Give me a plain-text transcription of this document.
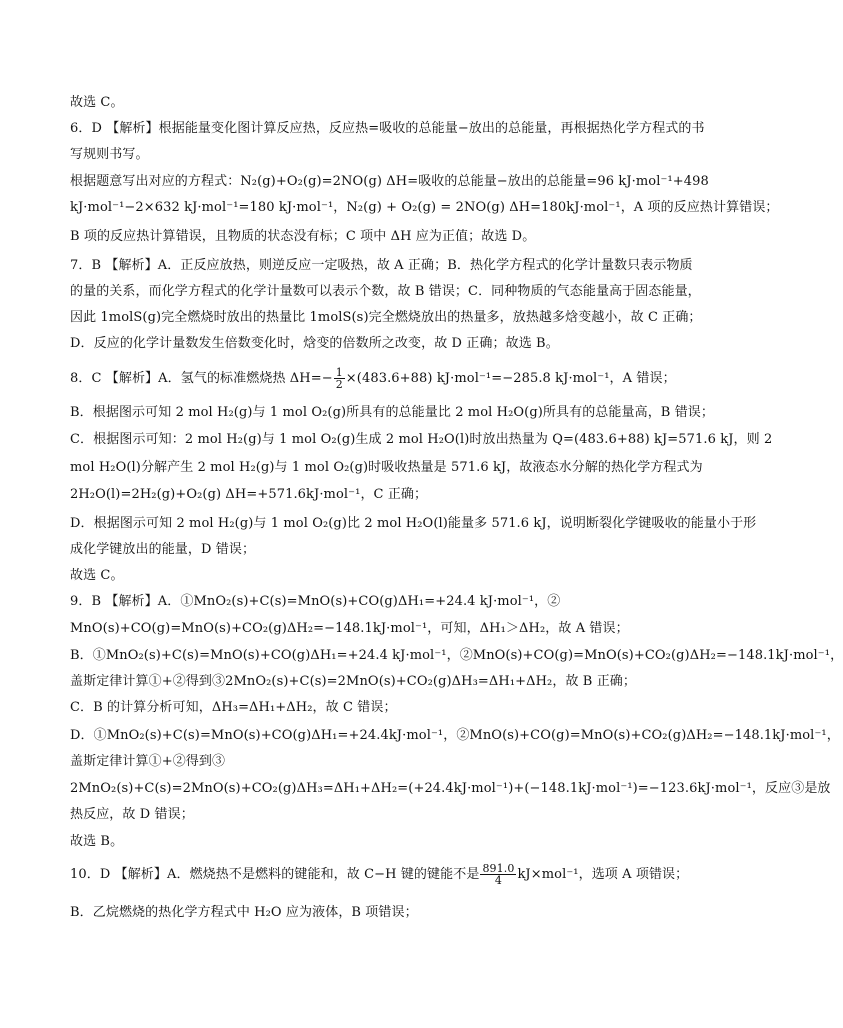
故选 C。
6．D 【解析】根据能量变化图计算反应热，反应热=吸收的总能量−放出的总能量，再根据热化学方程式的书
写规则书写。
根据题意写出对应的方程式：N₂(g)+O₂(g)=2NO(g) ΔH=吸收的总能量−放出的总能量=96 kJ·mol⁻¹+498
kJ·mol⁻¹−2×632 kJ·mol⁻¹=180 kJ·mol⁻¹，N₂(g) + O₂(g) = 2NO(g) ΔH=180kJ·mol⁻¹，A 项的反应热计算错误；
B 项的反应热计算错误，且物质的状态没有标；C 项中 ΔH 应为正值；故选 D。
7．B 【解析】A．正反应放热，则逆反应一定吸热，故 A 正确；B．热化学方程式的化学计量数只表示物质
的量的关系，而化学方程式的化学计量数可以表示个数，故 B 错误；C．同种物质的气态能量高于固态能量，
因此 1molS(g)完全燃烧时放出的热量比 1molS(s)完全燃烧放出的热量多，放热越多焓变越小，故 C 正确；
D．反应的化学计量数发生倍数变化时，焓变的倍数所之改变，故 D 正确；故选 B。
8．C 【解析】A．氢气的标准燃烧热 $\Delta H=- \frac{1}{2} \times(483.6+88)$ kJ·mol⁻¹=−285.8 kJ·mol⁻¹，A 错误；
B．根据图示可知 2 mol H₂(g)与 1 mol O₂(g)所具有的总能量比 2 mol H₂O(g)所具有的总能量高，B 错误；
C．根据图示可知：2 mol H₂(g)与 1 mol O₂(g)生成 2 mol H₂O(l)时放出热量为 Q=(483.6+88) kJ=571.6 kJ，则 2
mol H₂O(l)分解产生 2 mol H₂(g)与 1 mol O₂(g)时吸收热量是 571.6 kJ，故液态水分解的热化学方程式为
2H₂O(l)=2H₂(g)+O₂(g) ΔH=+571.6kJ·mol⁻¹，C 正确；
D．根据图示可知 2 mol H₂(g)与 1 mol O₂(g)比 2 mol H₂O(l)能量多 571.6 kJ，说明断裂化学键吸收的能量小于形
成化学键放出的能量，D 错误；
故选 C。
9．B 【解析】A．①MnO₂(s)+C(s)=MnO(s)+CO(g)ΔH₁=+24.4 kJ·mol⁻¹，②
MnO(s)+CO(g)=MnO(s)+CO₂(g)ΔH₂=−148.1kJ·mol⁻¹，可知，ΔH₁＞ΔH₂，故 A 错误；
B．①MnO₂(s)+C(s)=MnO(s)+CO(g)ΔH₁=+24.4 kJ·mol⁻¹，②MnO(s)+CO(g)=MnO(s)+CO₂(g)ΔH₂=−148.1kJ·mol⁻¹，
盖斯定律计算①+②得到③2MnO₂(s)+C(s)=2MnO(s)+CO₂(g)ΔH₃=ΔH₁+ΔH₂，故 B 正确；
C．B 的计算分析可知，ΔH₃=ΔH₁+ΔH₂，故 C 错误；
D．①MnO₂(s)+C(s)=MnO(s)+CO(g)ΔH₁=+24.4kJ·mol⁻¹，②MnO(s)+CO(g)=MnO(s)+CO₂(g)ΔH₂=−148.1kJ·mol⁻¹，
盖斯定律计算①+②得到③
2MnO₂(s)+C(s)=2MnO(s)+CO₂(g)ΔH₃=ΔH₁+ΔH₂=(+24.4kJ·mol⁻¹)+(−148.1kJ·mol⁻¹)=−123.6kJ·mol⁻¹，反应③是放
热反应，故 D 错误；
故选 B。
10．D 【解析】A．燃烧热不是燃料的键能和，故 C−H 键的键能不是 $\frac{891.0}{4} kJ\times mol^{-1}$，选项 A 项错误；
B．乙烷燃烧的热化学方程式中 H₂O 应为液体，B 项错误；
